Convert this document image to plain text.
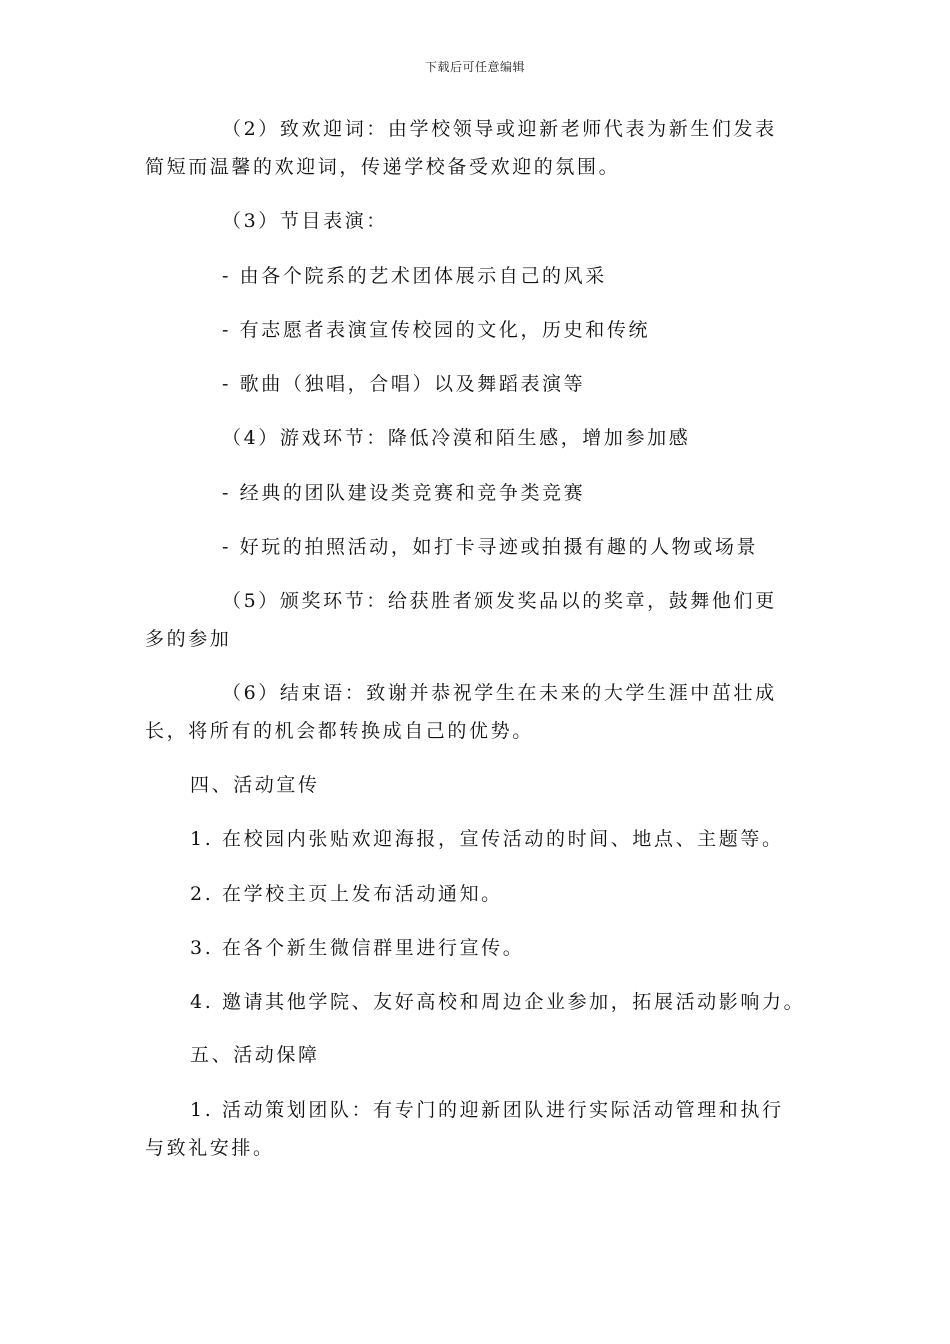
下载后可任意编辑
（2）致欢迎词：由学校领导或迎新老师代表为新生们发表
简短而温馨的欢迎词，传递学校备受欢迎的氛围。
（3）节目表演：
- 由各个院系的艺术团体展示自己的风采
- 有志愿者表演宣传校园的文化，历史和传统
- 歌曲（独唱，合唱）以及舞蹈表演等
（4）游戏环节：降低冷漠和陌生感，增加参加感
- 经典的团队建设类竞赛和竞争类竞赛
- 好玩的拍照活动，如打卡寻迹或拍摄有趣的人物或场景
（5）颁奖环节：给获胜者颁发奖品以的奖章，鼓舞他们更
多的参加
（6）结束语：致谢并恭祝学生在未来的大学生涯中茁壮成
长，将所有的机会都转换成自己的优势。
四、活动宣传
1. 在校园内张贴欢迎海报，宣传活动的时间、地点、主题等。
2. 在学校主页上发布活动通知。
3. 在各个新生微信群里进行宣传。
4. 邀请其他学院、友好高校和周边企业参加，拓展活动影响力。
五、活动保障
1. 活动策划团队：有专门的迎新团队进行实际活动管理和执行
与致礼安排。
